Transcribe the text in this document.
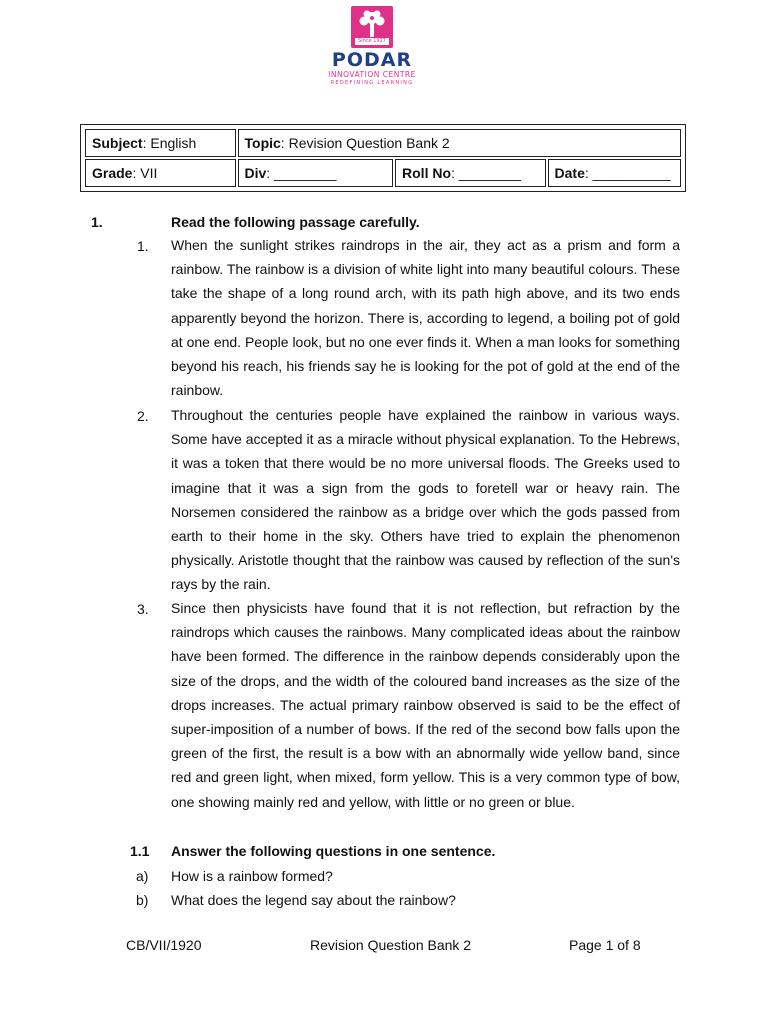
Since 1927
PODAR
INNOVATION CENTRE
REDEFINING LEARNING
Subject: English	Topic: Revision Question Bank 2		
Grade: VII	Div: ________	Roll No: ________	Date: __________
1.	Read the following passage carefully.
1. When the sunlight strikes raindrops in the air, they act as a prism and form a rainbow. The rainbow is a division of white light into many beautiful colours. These take the shape of a long round arch, with its path high above, and its two ends apparently beyond the horizon. There is, according to legend, a boiling pot of gold at one end. People look, but no one ever finds it. When a man looks for something beyond his reach, his friends say he is looking for the pot of gold at the end of the rainbow.
2. Throughout the centuries people have explained the rainbow in various ways. Some have accepted it as a miracle without physical explanation. To the Hebrews, it was a token that there would be no more universal floods. The Greeks used to imagine that it was a sign from the gods to foretell war or heavy rain. The Norsemen considered the rainbow as a bridge over which the gods passed from earth to their home in the sky. Others have tried to explain the phenomenon physically. Aristotle thought that the rainbow was caused by reflection of the sun's rays by the rain.
3. Since then physicists have found that it is not reflection, but refraction by the raindrops which causes the rainbows. Many complicated ideas about the rainbow have been formed. The difference in the rainbow depends considerably upon the size of the drops, and the width of the coloured band increases as the size of the drops increases. The actual primary rainbow observed is said to be the effect of super-imposition of a number of bows. If the red of the second bow falls upon the green of the first, the result is a bow with an abnormally wide yellow band, since red and green light, when mixed, form yellow. This is a very common type of bow, one showing mainly red and yellow, with little or no green or blue.
1.1 Answer the following questions in one sentence.
a) How is a rainbow formed?
b) What does the legend say about the rainbow?
CB/VII/1920	Revision Question Bank 2	Page 1 of 8
